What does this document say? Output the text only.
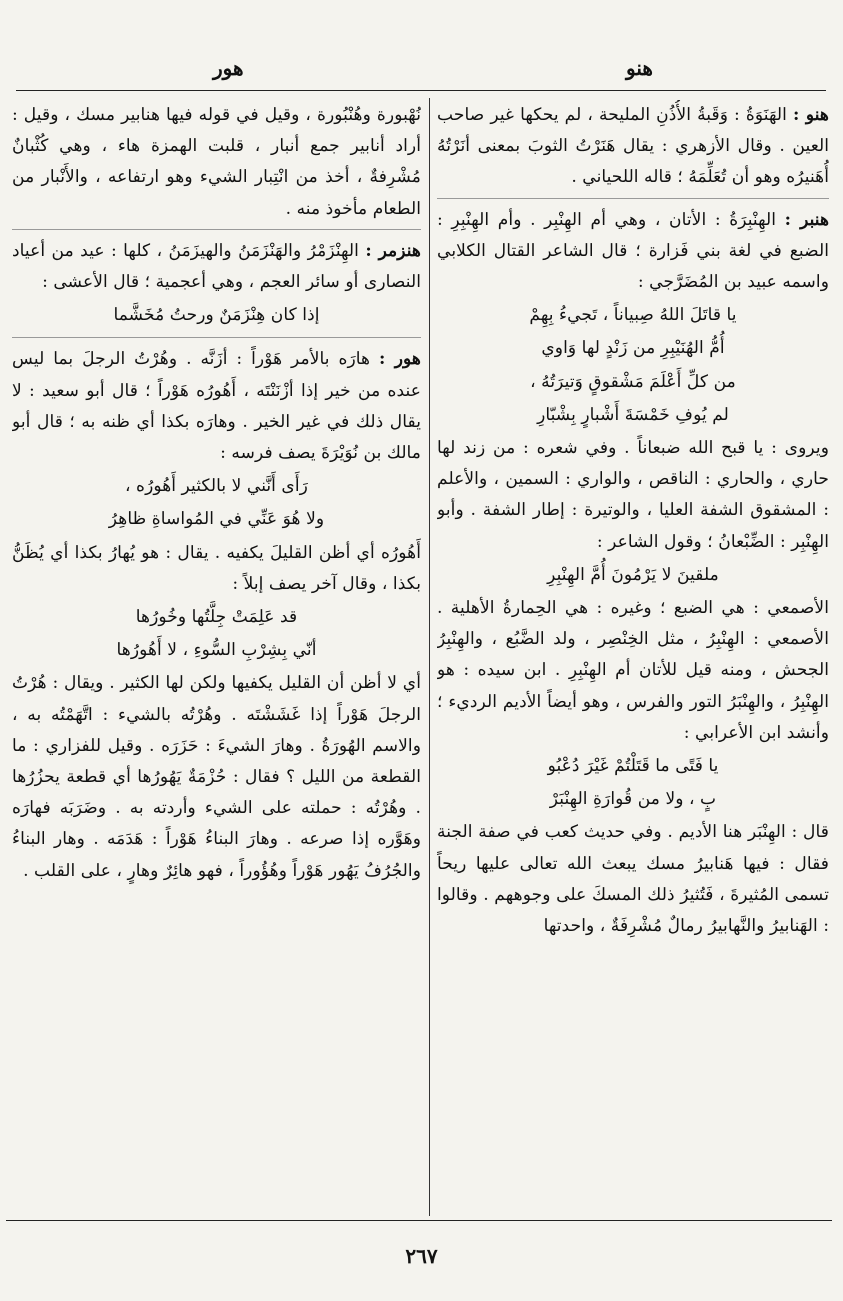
هور	هنو
هنو : الهَنَوَةُ : وَقَبةُ الأُذُنِ المليحة ، لم يحكها غير صاحب العين . وقال الأزهري : يقال هَنَرْتُ الثوبَ بمعنى أنَرْتُهُ أُهَنيرُه وهو أن تُعَلِّمَهُ ؛ قاله اللحياني .
هنبر : الهِنْبِرَةُ : الأتان ، وهي أم الهِنْبِر . وأم الهِنْبِرِ : الضبع في لغة بني فَزارة ؛ قال الشاعر القتال الكلابي واسمه عبيد بن المُضَرَّجي :
يا قاتَلَ اللهُ صِبياناً ، تَجيءُ بِهِمْ
أُمُّ الهُنَيْبِرِ من زَنْدٍ لها وَاوي
من كلِّ أَعْلَمَ مَشْقوقٍ وَتيرَتُهُ ،
لم يُوفِ خَمْسَةَ أَشْبارٍ بِشْبّارِ
ويروى : يا قبح الله ضبعاناً . وفي شعره : من زند لها حاري ، والحاري : الناقص ، والواري : السمين ، والأعلم : المشقوق الشفة العليا ، والوتيرة : إطار الشفة . وأبو الهِنْبِر : الضِّبْعانُ ؛ وقول الشاعر :
ملقينَ لا يَرْمُونَ أُمَّ الهِنْبِرِ
الأصمعي : هي الضبع ؛ وغيره : هي الحِمارةُ الأهلية . الأصمعي : الهِنْبِرُ ، مثل الخِنْصِر ، ولد الضَّبُع ، والهِنْبِرُ الجحش ، ومنه قيل للأتان أم الهِنْبِرِ . ابن سيده : هو الهِنْبِرُ ، والهِنْبَرُ التور والفرس ، وهو أيضاً الأديم الرديء ؛ وأنشد ابن الأعرابي :
يا فَتًى ما قَتَلْتُمْ غَيْرَ دُعْبُو
بٍ ، ولا من قُوارَةِ الهِنْبَرْ
قال : الهِنْبَر هنا الأديم . وفي حديث كعب في صفة الجنة فقال : فيها هَنابيرُ مسك يبعث الله تعالى عليها ريحاً تسمى المُثيرةَ ، فَتُثيرُ ذلك المسكَ على وجوههم . وقالوا : الهَنابيرُ والنَّهابيرُ رمالٌ مُشْرِفَةٌ ، واحدتها
نُهْبورة وهُنْبُورة ، وقيل في قوله فيها هنابير مسك ، وقيل : أراد أنابير جمع أنبار ، قلبت الهمزة هاء ، وهي كُثْبانٌ مُشْرِفةٌ ، أخذ من انْتِبار الشيء وهو ارتفاعه ، والأَنْبار من الطعام مأخوذ منه .
هنزمر : الهِنْزَمْرُ والهَنْزَمَنُ والهيزَمَنُ ، كلها : عيد من أعياد النصارى أو سائر العجم ، وهي أعجمية ؛ قال الأعشى :
إذا كان هِنْزَمَنٌ ورحتُ مُخَشَّما
هور : هارَه بالأمر هَوْراً : أزَنَّه . وهُرْتُ الرجلَ بما ليس عنده من خير إذا أزْنَنْتَه ، أَهُورُه هَوْراً ؛ قال أبو سعيد : لا يقال ذلك في غير الخير . وهارَه بكذا أي ظنه به ؛ قال أبو مالك بن نُوَيْرَةَ يصف فرسه :
رَأَى أَنَّني لا بالكثير أَهُورُه ،
ولا هُوَ عَنِّي في المُواساةِ ظاهِرُ
أَهُورُه أي أظن القليلَ يكفيه . يقال : هو يُهارُ بكذا أي يُظَنُّ بكذا ، وقال آخر يصف إبلاً :
قد عَلِمَتْ جِلَّتُها وخُورُها
أنّي بِشِرْبِ السُّوءِ ، لا أَهُورُها
أي لا أظن أن القليل يكفيها ولكن لها الكثير . ويقال : هُرْتُ الرجلَ هَوْراً إذا غَشَشْتَه . وهُرْتُه بالشيء : اتَّهَمْتُه به ، والاسم الهُورَةُ . وهارَ الشيءَ : حَزَرَه . وقيل للفزاري : ما القطعة من الليل ؟ فقال : حُزْمَةٌ يَهُورُها أي قطعة يحزُرُها . وهُرْتُه : حملته على الشيء وأردته به . وضَرَبَه فهارَه وهَوَّره إذا صرعه . وهارَ البناءُ هَوْراً : هَدَمَه . وهار البناءُ والجُرُفُ يَهُور هَوْراً وهُؤُوراً ، فهو هائِرٌ وهارٍ ، على القلب .
٢٦٧
